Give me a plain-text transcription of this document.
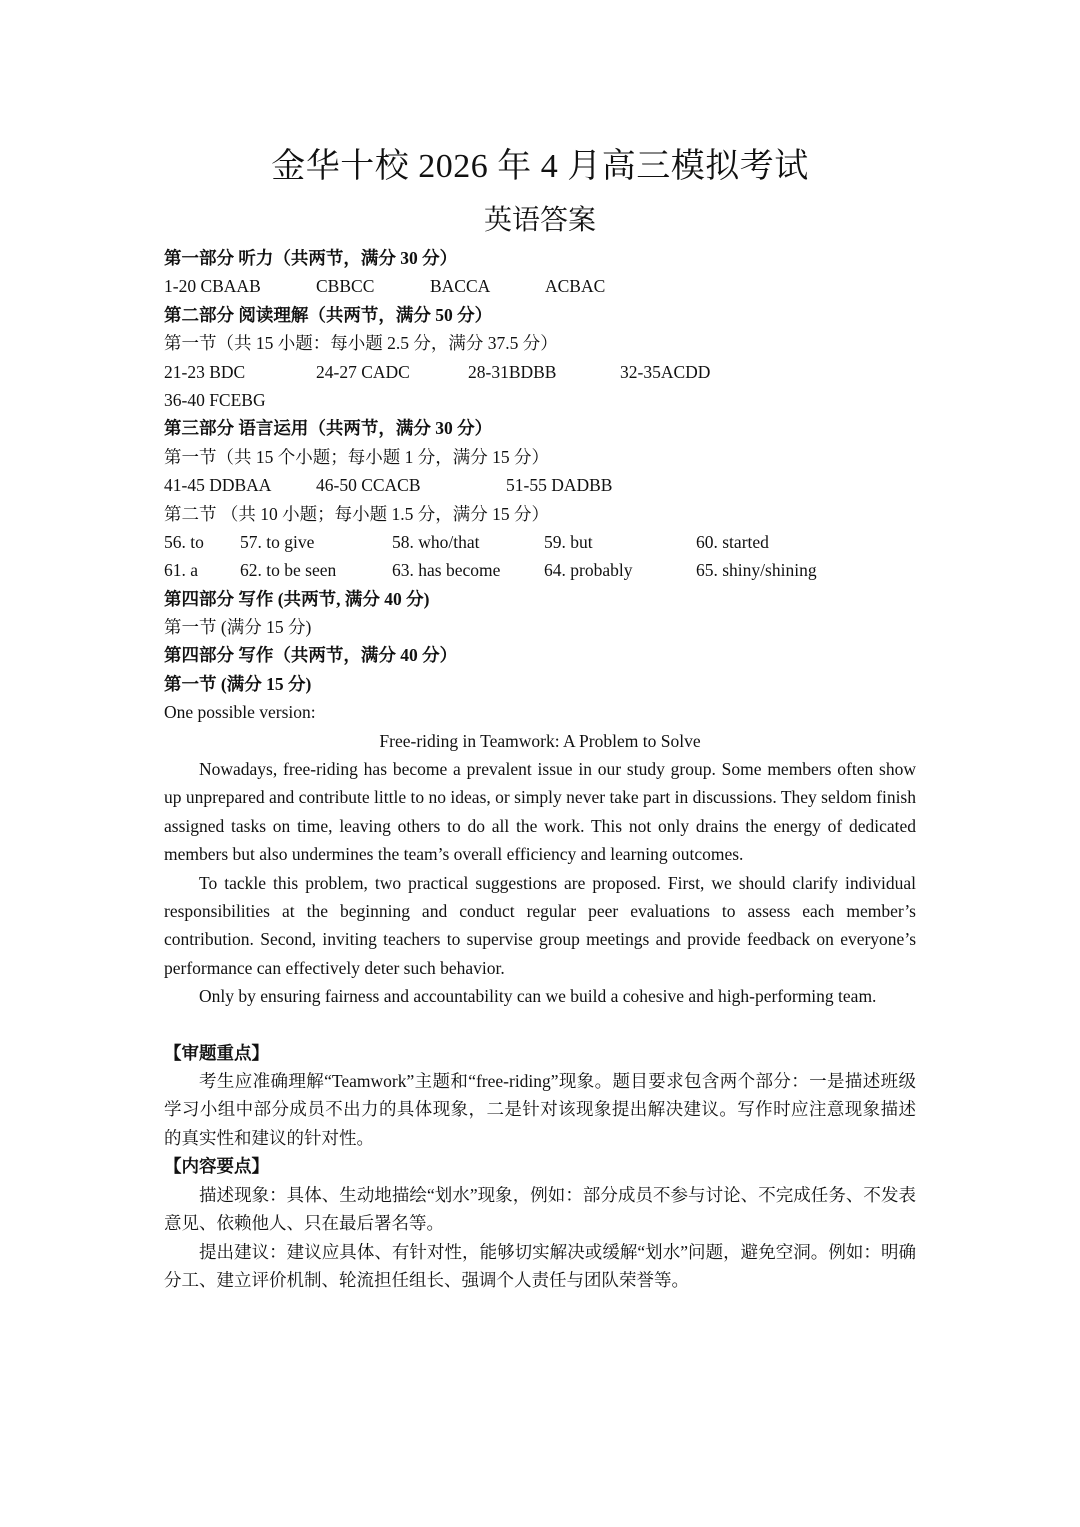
金华十校 2026 年 4 月高三模拟考试
英语答案
第一部分 听力（共两节，满分 30 分）
1-20 CBAAB	CBBCC	BACCA	ACBAC
第二部分 阅读理解（共两节，满分 50 分）
第一节（共 15 小题：每小题 2.5 分，满分 37.5 分）
21-23 BDC	24-27 CADC	28-31BDBB	32-35ACDD
36-40 FCEBG
第三部分 语言运用（共两节，满分 30 分）
第一节（共 15 个小题；每小题 1 分，满分 15 分）
41-45 DDBAA	46-50 CCACB	51-55 DADBB
第二节 （共 10 小题；每小题 1.5 分，满分 15 分）
56. to 57. to give	58. who/that	59. but	60. started
61. a 62. to be seen	63. has become 64. probably	65. shiny/shining
第四部分 写作 (共两节, 满分 40 分)
第一节 (满分 15 分)
第四部分 写作（共两节，满分 40 分）
第一节 (满分 15 分)
One possible version:
Free-riding in Teamwork: A Problem to Solve

Nowadays, free-riding has become a prevalent issue in our study group. Some members often show up unprepared and contribute little to no ideas, or simply never take part in discussions. They seldom finish assigned tasks on time, leaving others to do all the work. This not only drains the energy of dedicated members but also undermines the team’s overall efficiency and learning outcomes.

To tackle this problem, two practical suggestions are proposed. First, we should clarify individual responsibilities at the beginning and conduct regular peer evaluations to assess each member’s contribution. Second, inviting teachers to supervise group meetings and provide feedback on everyone’s performance can effectively deter such behavior.

Only by ensuring fairness and accountability can we build a cohesive and high-performing team.

【审题重点】

考生应准确理解“Teamwork”主题和“free-riding”现象。题目要求包含两个部分：一是描述班级学习小组中部分成员不出力的具体现象，二是针对该现象提出解决建议。写作时应注意现象描述的真实性和建议的针对性。

【内容要点】

描述现象：具体、生动地描绘“划水”现象，例如：部分成员不参与讨论、不完成任务、不发表意见、依赖他人、只在最后署名等。

提出建议：建议应具体、有针对性，能够切实解决或缓解“划水”问题，避免空洞。例如：明确分工、建立评价机制、轮流担任组长、强调个人责任与团队荣誉等。
